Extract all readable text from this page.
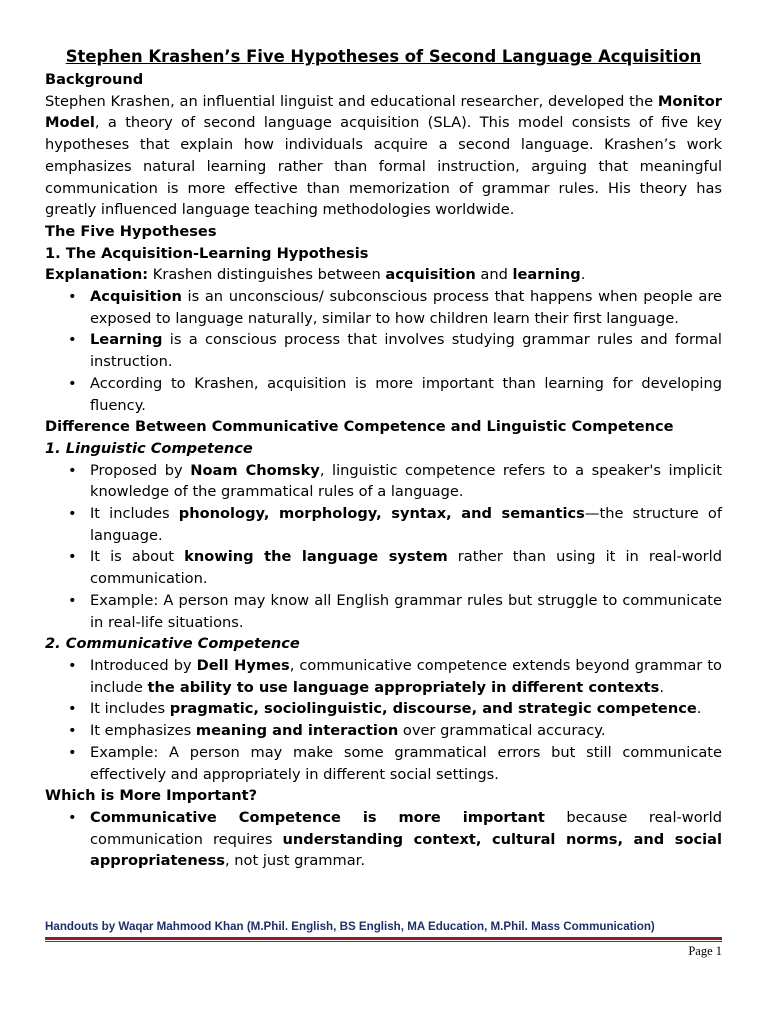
Stephen Krashen’s Five Hypotheses of Second Language Acquisition
Background

Stephen Krashen, an influential linguist and educational researcher, developed the Monitor Model, a theory of second language acquisition (SLA). This model consists of five key hypotheses that explain how individuals acquire a second language. Krashen’s work emphasizes natural learning rather than formal instruction, arguing that meaningful communication is more effective than memorization of grammar rules. His theory has greatly influenced language teaching methodologies worldwide.

The Five Hypotheses
1. The Acquisition-Learning Hypothesis

Explanation: Krashen distinguishes between acquisition and learning.

• Acquisition is an unconscious/ subconscious process that happens when people are exposed to language naturally, similar to how children learn their first language.
• Learning is a conscious process that involves studying grammar rules and formal instruction.
• According to Krashen, acquisition is more important than learning for developing fluency.
Difference Between Communicative Competence and Linguistic Competence
1. Linguistic Competence
• Proposed by Noam Chomsky, linguistic competence refers to a speaker's implicit knowledge of the grammatical rules of a language.
• It includes phonology, morphology, syntax, and semantics—the structure of language.
• It is about knowing the language system rather than using it in real-world communication.
• Example: A person may know all English grammar rules but struggle to communicate in real-life situations.
2. Communicative Competence
• Introduced by Dell Hymes, communicative competence extends beyond grammar to include the ability to use language appropriately in different contexts.
• It includes pragmatic, sociolinguistic, discourse, and strategic competence.
• It emphasizes meaning and interaction over grammatical accuracy.
• Example: A person may make some grammatical errors but still communicate effectively and appropriately in different social settings.
Which is More Important?
• Communicative Competence is more important because real-world communication requires understanding context, cultural norms, and social appropriateness, not just grammar.
Handouts by Waqar Mahmood Khan (M.Phil. English, BS English, MA Education, M.Phil. Mass Communication)
Page 1
